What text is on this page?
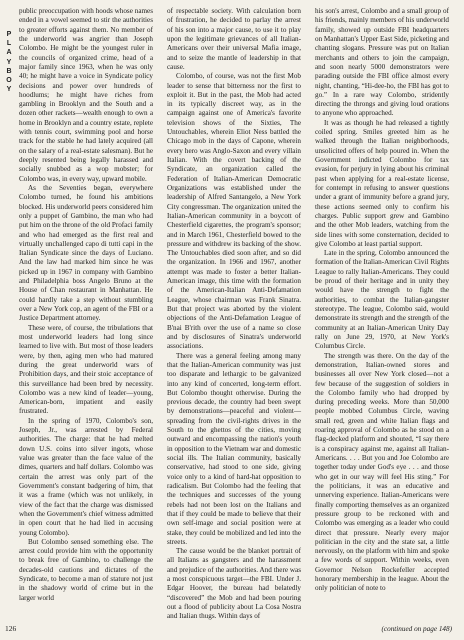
P
L
A
Y
B
O
Y

public preoccupation with hoods whose names ended in a vowel seemed to stir the authorities to greater efforts against them. No member of the underworld was angrier than Joseph Colombo. He might be the youngest ruler in the councils of organized crime, head of a major family since 1963, when he was only 40; he might have a voice in Syndicate policy decisions and power over hundreds of hoodlums; he might have riches from gambling in Brooklyn and the South and a dozen other rackets—wealth enough to own a home in Brooklyn and a country estate, replete with tennis court, swimming pool and horse track for the stable he had lately acquired (all on the salary of a real-estate salesman). But he deeply resented being legally harassed and socially snubbed as a wop mobster; for Colombo was, in every way, upward mobile.

As the Seventies began, everywhere Colombo turned, he found his ambitions blocked. His underworld peers considered him only a puppet of Gambino, the man who had put him on the throne of the old Profaci family and who had emerged as the first real and virtually unchallenged capo di tutti capi in the Italian Syndicate since the days of Luciano. And the law had marked him since he was picked up in 1967 in company with Gambino and Philadelphia boss Angelo Bruno at the House of Chan restaurant in Manhattan. He could hardly take a step without stumbling over a New York cop, an agent of the FBI or a Justice Department attorney.

These were, of course, the tribulations that most underworld leaders had long since learned to live with. But most of those leaders were, by then, aging men who had matured during the great underworld wars of Prohibition days, and their stoic acceptance of this surveillance had been bred by necessity. Colombo was a new kind of leader—young, American-born, impatient and easily frustrated.

In the spring of 1970, Colombo's son, Joseph, Jr., was arrested by Federal authorities. The charge: that he had melted down U.S. coins into silver ingots, whose value was greater than the face value of the dimes, quarters and half dollars. Colombo was certain the arrest was only part of the Government's constant badgering of him, that it was a frame (which was not unlikely, in view of the fact that the charge was dismissed when the Government's chief witness admitted in open court that he had lied in accusing young Colombo).

But Colombo sensed something else. The arrest could provide him with the opportunity to break free of Gambino, to challenge the decades-old cautions and dictates of the Syndicate, to become a man of stature not just in the shadowy world of crime but in the larger world

of respectable society. With calculation born of frustration, he decided to parlay the arrest of his son into a major cause, to use it to play upon the legitimate grievances of all Italian-Americans over their universal Mafia image, and to seize the mantle of leadership in that cause.

Colombo, of course, was not the first Mob leader to sense that bitterness nor the first to exploit it. But in the past, the Mob had acted in its typically discreet way, as in the campaign against one of America's favorite television shows of the Sixties, The Untouchables, wherein Eliot Ness battled the Chicago mob in the days of Capone, wherein every hero was Anglo-Saxon and every villain Italian. With the covert backing of the Syndicate, an organization called the Federation of Italian-American Democratic Organizations was established under the leadership of Alfred Santangelo, a New York City congressman. The organization united the Italian-American community in a boycott of Chesterfield cigarettes, the program's sponsor; and in March 1961, Chesterfield bowed to the pressure and withdrew its backing of the show. The Untouchables died soon after, and so did the organization. In 1966 and 1967, another attempt was made to foster a better Italian-American image, this time with the formation of the American-Italian Anti-Defamation League, whose chairman was Frank Sinatra. But that project was aborted by the violent objections of the Anti-Defamation League of B'nai B'rith over the use of a name so close and by disclosures of Sinatra's underworld associations.

There was a general feeling among many that the Italian-American community was just too disparate and lethargic to be galvanized into any kind of concerted, long-term effort. But Colombo thought otherwise. During the previous decade, the country had been swept by demonstrations—peaceful and violent—spreading from the civil-rights drives in the South to the ghettos of the cities, moving outward and encompassing the nation's youth in opposition to the Vietnam war and domestic social ills. The Italian community, basically conservative, had stood to one side, giving voice only to a kind of hard-hat opposition to radicalism. But Colombo had the feeling that the techniques and successes of the young rebels had not been lost on the Italians and that if they could be made to believe that their own self-image and social position were at stake, they could be mobilized and led into the streets.

The cause would be the blanket portrait of all Italians as gangsters and the harassment and prejudice of the authorities. And there was a most conspicuous target—the FBI. Under J. Edgar Hoover, the bureau had belatedly “discovered” the Mob and had been pouring out a flood of publicity about La Cosa Nostra and Italian thugs. Within days of

his son's arrest, Colombo and a small group of his friends, mainly members of his underworld family, showed up outside FBI headquarters on Manhattan's Upper East Side, picketing and chanting slogans. Pressure was put on Italian merchants and others to join the campaign, and soon nearly 5000 demonstrators were parading outside the FBI office almost every night, chanting, “Hi-dee-ho, the FBI has got to go.” In a rare way Colombo, stridently directing the throngs and giving loud orations to anyone who approached.

It was as though he had released a tightly coiled spring. Smiles greeted him as he walked through the Italian neighborhoods, unsolicited offers of help poured in. When the Government indicted Colombo for tax evasion, for perjury in lying about his criminal past when applying for a real-estate license, for contempt in refusing to answer questions under a grant of immunity before a grand jury, these actions seemed only to confirm his charges. Public support grew and Gambino and the other Mob leaders, watching from the side lines with some consternation, decided to give Colombo at least partial support.

Late in the spring, Colombo announced the formation of the Italian-American Civil Rights League to rally Italian-Americans. They could be proud of their heritage and in unity they would have the strength to fight the authorities, to combat the Italian-gangster stereotype. The league, Colombo said, would demonstrate its strength and the strength of the community at an Italian-American Unity Day rally on June 29, 1970, at New York's Columbus Circle.

The strength was there. On the day of the demonstration, Italian-owned stores and businesses all over New York closed—not a few because of the suggestion of soldiers in the Colombo family who had dropped by during preceding weeks. More than 50,000 people mobbed Columbus Circle, waving small red, green and white Italian flags and roaring approval of Colombo as he stood on a flag-decked platform and shouted, “I say there is a conspiracy against me, against all Italian-Americans. . . . But you and Joe Colombo are together today under God's eye . . . and those who get in our way will feel His sting.” For the politicians, it was an educative and unnerving experience. Italian-Americans were finally comporting themselves as an organized pressure group to be reckoned with and Colombo was emerging as a leader who could direct that pressure. Nearly every major politician in the city and the state sat, a little nervously, on the platform with him and spoke a few words of support. Within weeks, even Governor Nelson Rockefeller accepted honorary membership in the league. About the only politician of note to

126	(continued on page 148)
